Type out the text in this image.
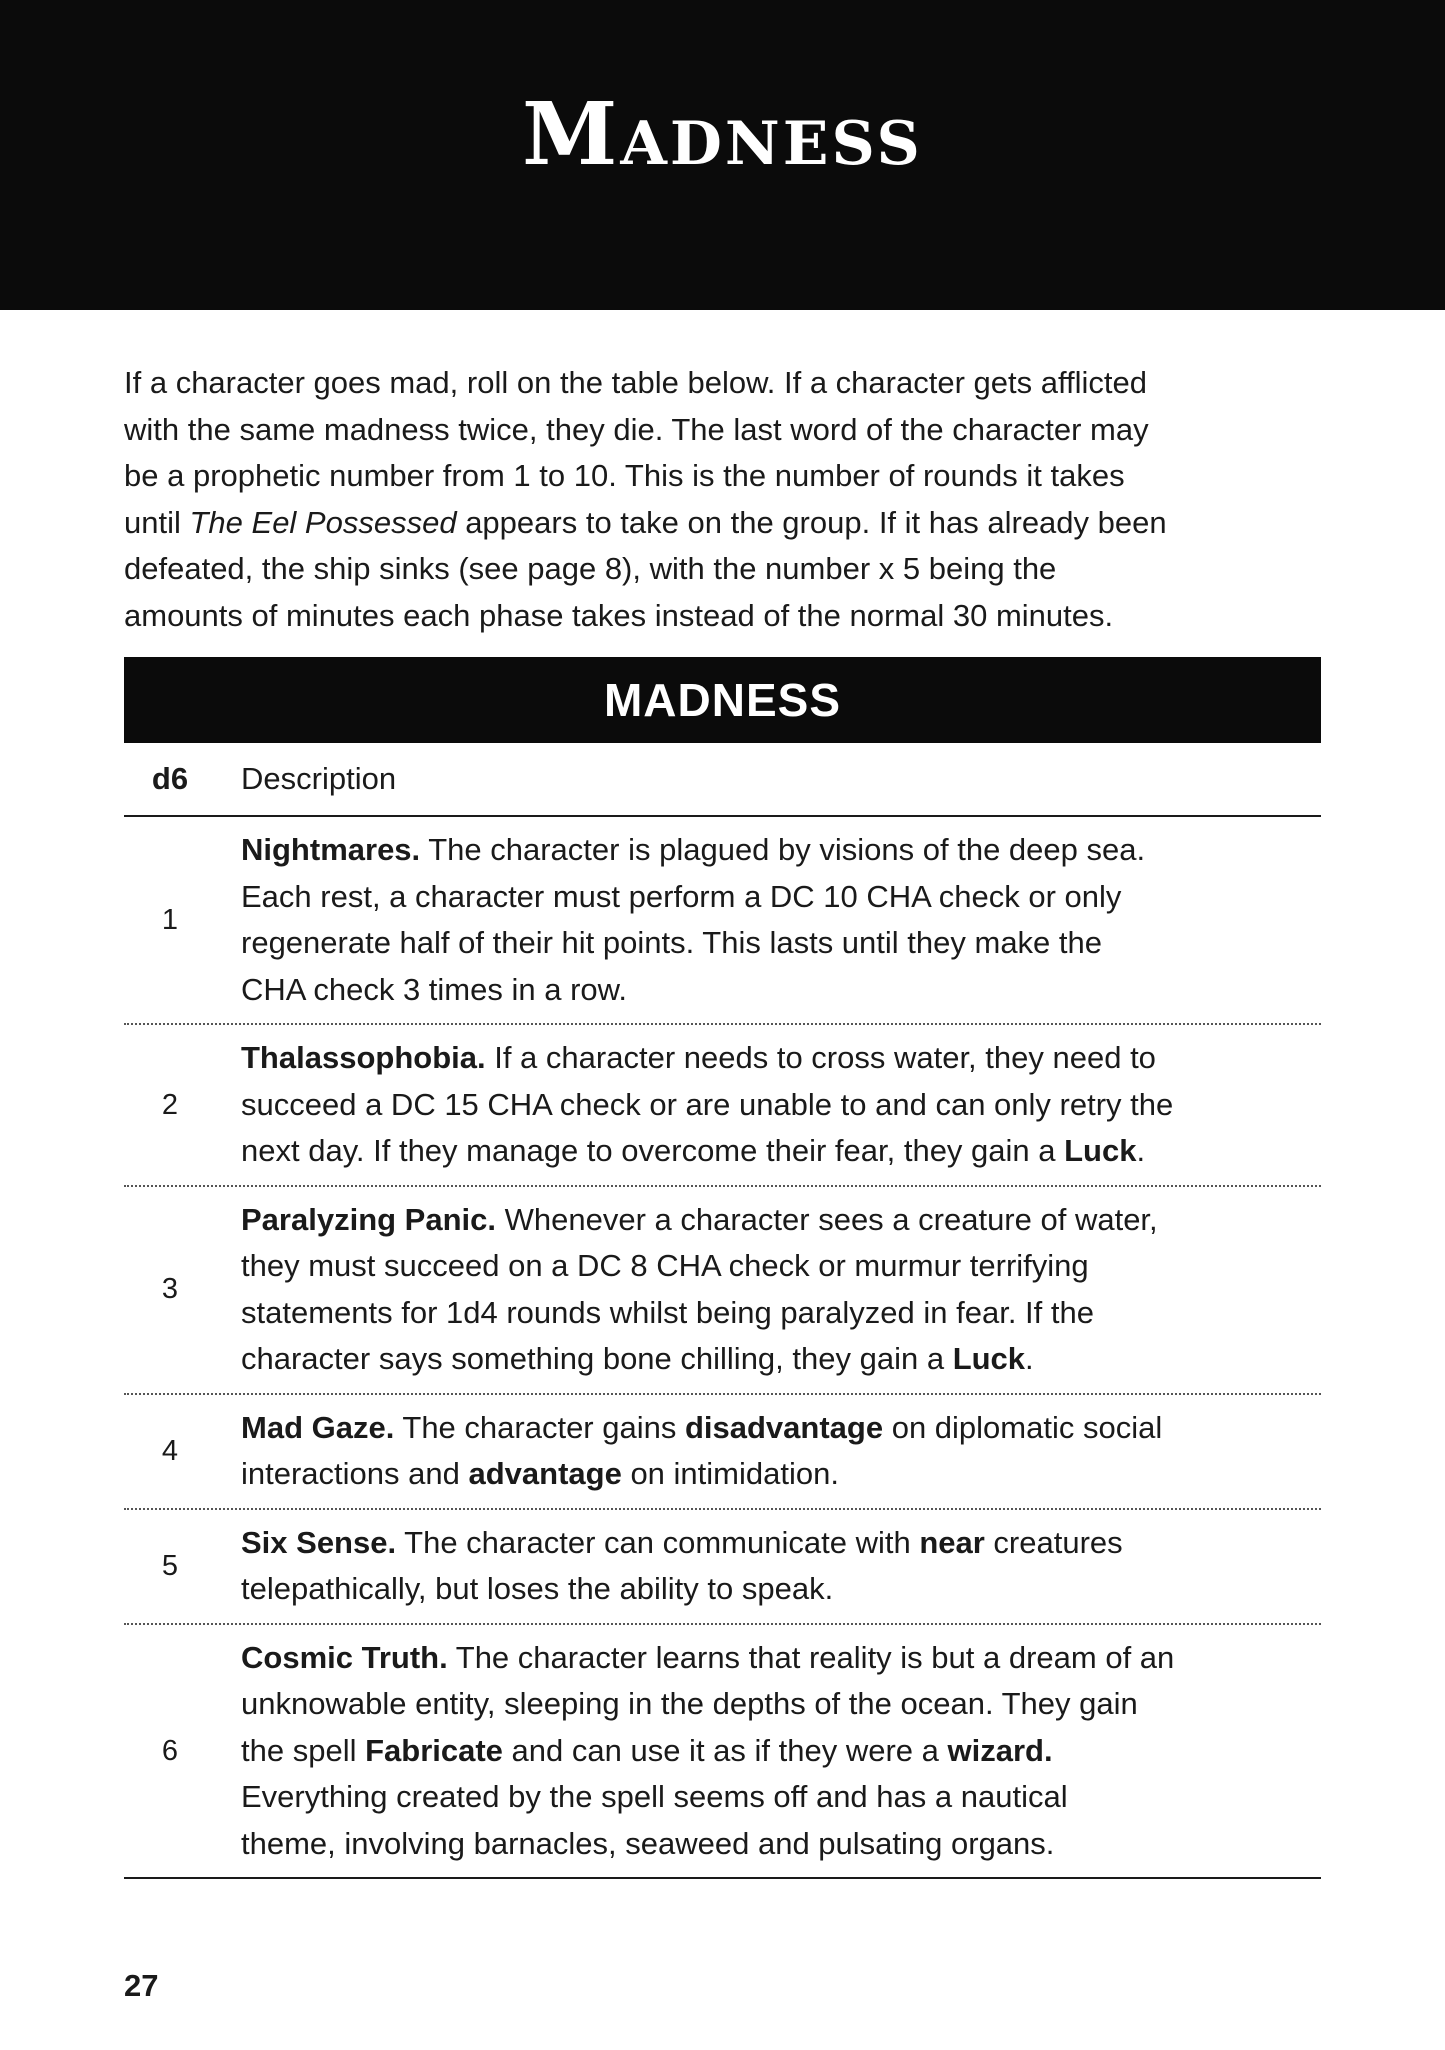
Madness
If a character goes mad, roll on the table below. If a character gets afflicted
with the same madness twice, they die. The last word of the character may
be a prophetic number from 1 to 10. This is the number of rounds it takes
until The Eel Possessed appears to take on the group. If it has already been
defeated, the ship sinks (see page 8), with the number x 5 being the
amounts of minutes each phase takes instead of the normal 30 minutes.
MADNESS
d6	Description
1
Nightmares. The character is plagued by visions of the deep sea.
Each rest, a character must perform a DC 10 CHA check or only
regenerate half of their hit points. This lasts until they make the
CHA check 3 times in a row.
2
Thalassophobia. If a character needs to cross water, they need to
succeed a DC 15 CHA check or are unable to and can only retry the
next day. If they manage to overcome their fear, they gain a Luck.
3
Paralyzing Panic. Whenever a character sees a creature of water,
they must succeed on a DC 8 CHA check or murmur terrifying
statements for 1d4 rounds whilst being paralyzed in fear. If the
character says something bone chilling, they gain a Luck.
4
Mad Gaze. The character gains disadvantage on diplomatic social
interactions and advantage on intimidation.
5
Six Sense. The character can communicate with near creatures
telepathically, but loses the ability to speak.
6
Cosmic Truth. The character learns that reality is but a dream of an
unknowable entity, sleeping in the depths of the ocean. They gain
the spell Fabricate and can use it as if they were a wizard.
Everything created by the spell seems off and has a nautical
theme, involving barnacles, seaweed and pulsating organs.
27
